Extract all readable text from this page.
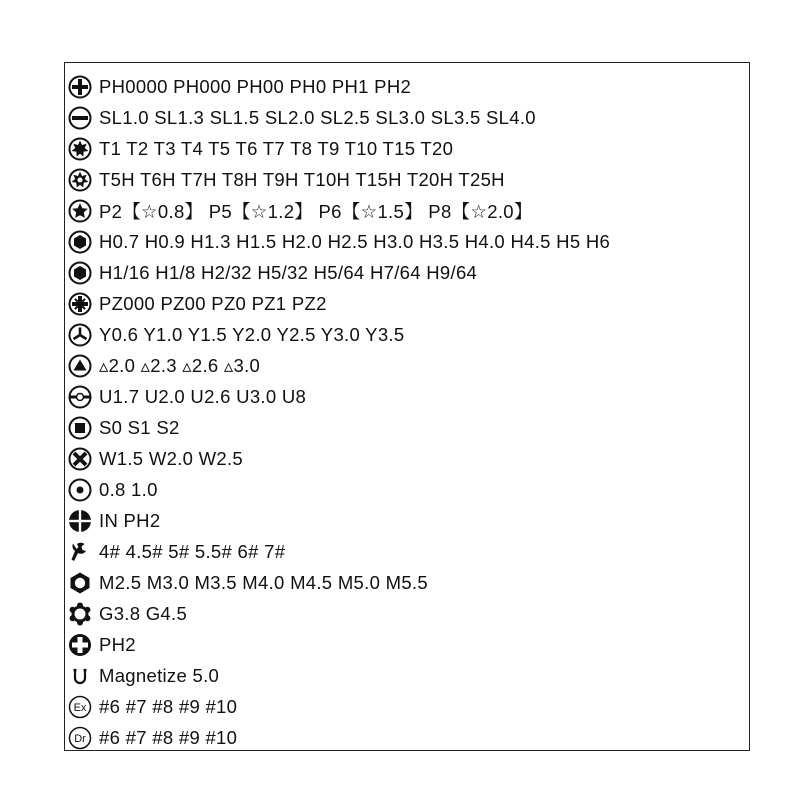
PH0000 PH000 PH00 PH0 PH1 PH2
SL1.0 SL1.3 SL1.5 SL2.0 SL2.5 SL3.0 SL3.5 SL4.0
T1 T2 T3 T4 T5 T6 T7 T8 T9 T10 T15 T20
T5H T6H T7H T8H T9H T10H T15H T20H T25H
P2【☆0.8】 P5【☆1.2】 P6【☆1.5】 P8【☆2.0】
H0.7 H0.9 H1.3 H1.5 H2.0 H2.5 H3.0 H3.5 H4.0 H4.5 H5 H6
H1/16 H1/8 H2/32 H5/32 H5/64 H7/64 H9/64
PZ000 PZ00 PZ0 PZ1 PZ2
Y0.6 Y1.0 Y1.5 Y2.0 Y2.5 Y3.0 Y3.5
▵2.0 ▵2.3 ▵2.6 ▵3.0
U1.7 U2.0 U2.6 U3.0 U8
S0 S1 S2
W1.5 W2.0 W2.5
0.8 1.0
IN PH2
4# 4.5# 5# 5.5# 6# 7#
M2.5 M3.0 M3.5 M4.0 M4.5 M5.0 M5.5
G3.8 G4.5
PH2
Magnetize 5.0
Ex #6 #7 #8 #9 #10
Dr #6 #7 #8 #9 #10
